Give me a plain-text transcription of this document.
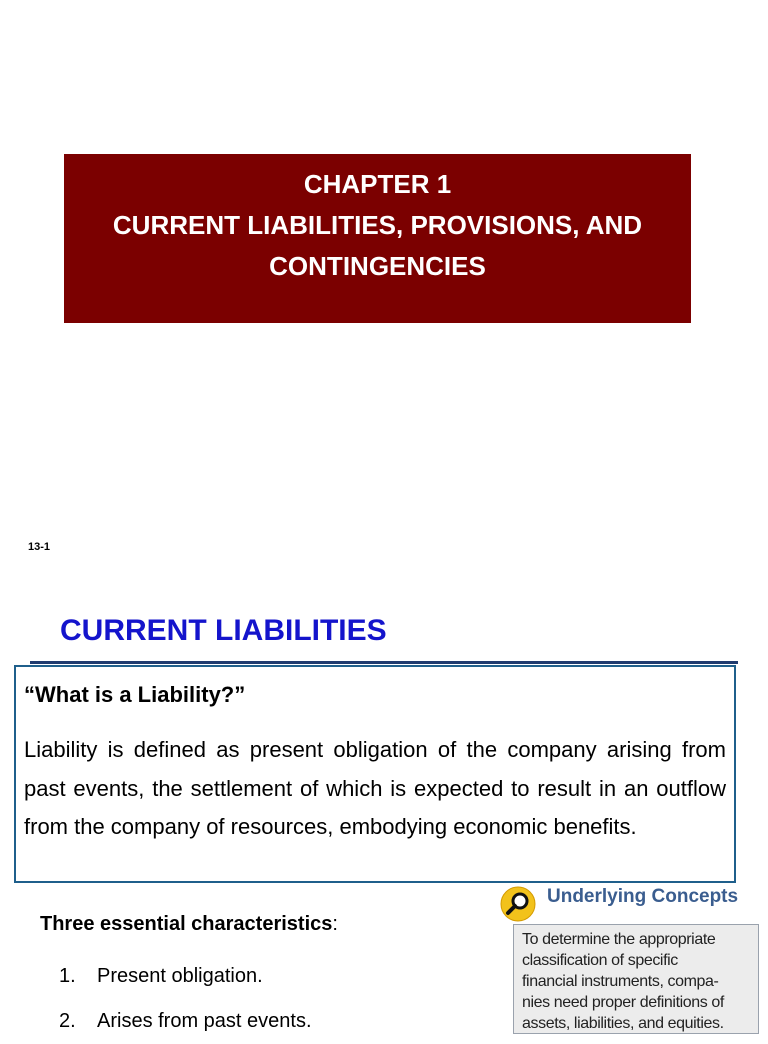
CHAPTER 1
CURRENT LIABILITIES, PROVISIONS, AND
CONTINGENCIES
13-1
CURRENT LIABILITIES

“What is a Liability?”

Liability is defined as present obligation of the company arising from past events, the settlement of which is expected to result in an outflow from the company of resources, embodying economic benefits.

Three essential characteristics:
1. Present obligation.
2. Arises from past events.
Underlying Concepts
To determine the appropriate
classification of specific
financial instruments, compa-
nies need proper definitions of
assets, liabilities, and equities.
